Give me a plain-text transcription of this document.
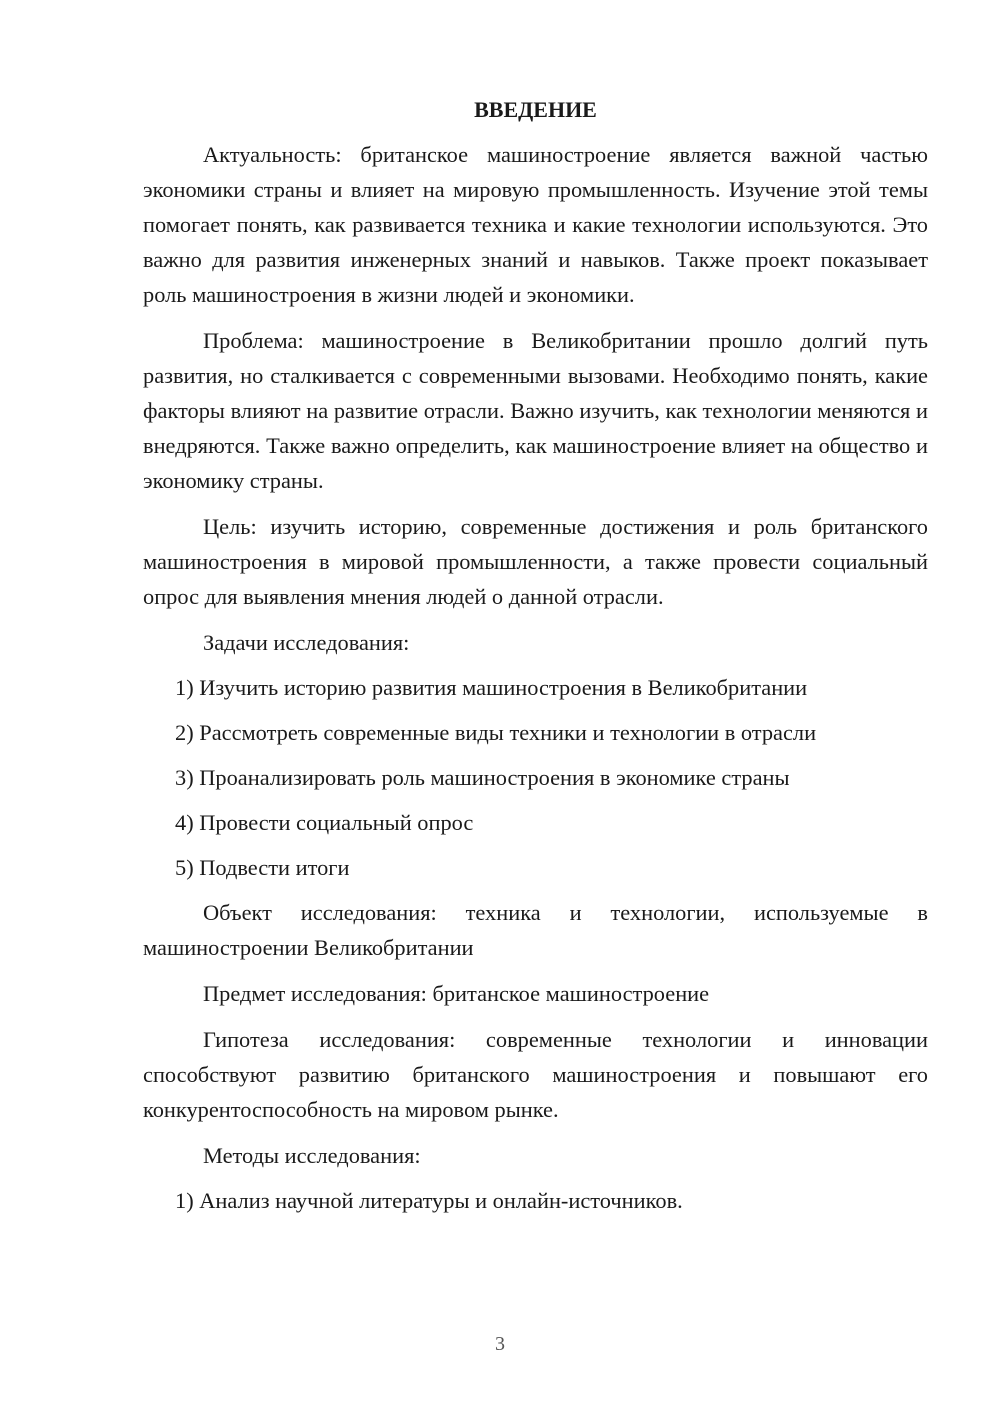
ВВЕДЕНИЕ
Актуальность: британское машиностроение является важной частью экономики страны и влияет на мировую промышленность. Изучение этой темы помогает понять, как развивается техника и какие технологии используются. Это важно для развития инженерных знаний и навыков. Также проект показывает роль машиностроения в жизни людей и экономики.
Проблема: машиностроение в Великобритании прошло долгий путь развития, но сталкивается с современными вызовами. Необходимо понять, какие факторы влияют на развитие отрасли. Важно изучить, как технологии меняются и внедряются. Также важно определить, как машиностроение влияет на общество и экономику страны.
Цель: изучить историю, современные достижения и роль британского машиностроения в мировой промышленности, а также провести социальный опрос для выявления мнения людей о данной отрасли.
Задачи исследования:
1) Изучить историю развития машиностроения в Великобритании
2) Рассмотреть современные виды техники и технологии в отрасли
3) Проанализировать роль машиностроения в экономике страны
4) Провести социальный опрос
5) Подвести итоги
Объект исследования: техника и технологии, используемые в машиностроении Великобритании
Предмет исследования: британское машиностроение
Гипотеза исследования: современные технологии и инновации способствуют развитию британского машиностроения и повышают его конкурентоспособность на мировом рынке.
Методы исследования:
1) Анализ научной литературы и онлайн-источников.
3
